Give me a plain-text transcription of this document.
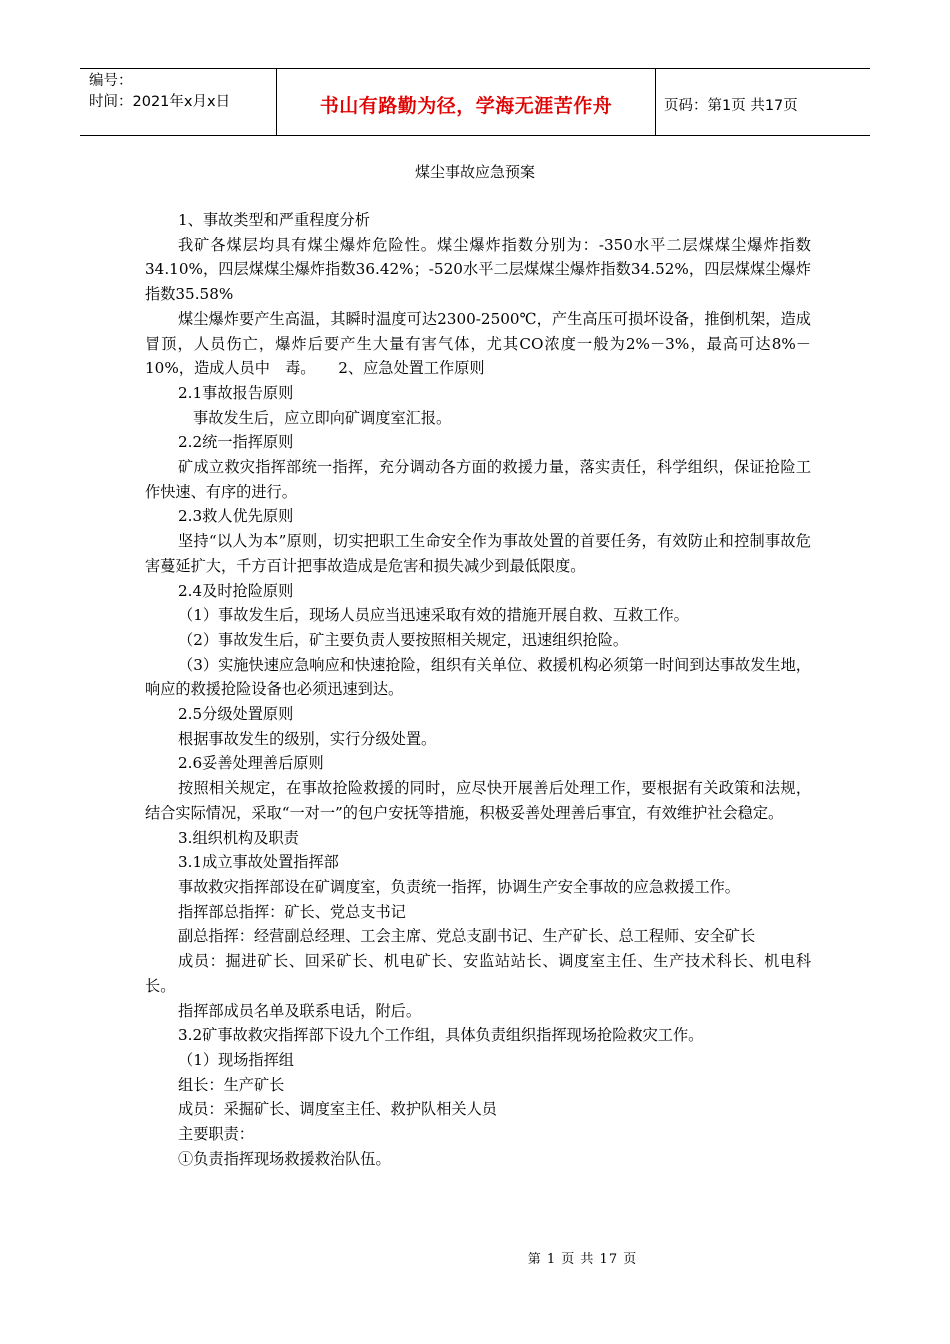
编号：
时间：2021年x月x日	书山有路勤为径，学海无涯苦作舟	页码：第1页 共17页
煤尘事故应急预案

1、事故类型和严重程度分析

我矿各煤层均具有煤尘爆炸危险性。煤尘爆炸指数分别为：-350水平二层煤煤尘爆炸指数　　34.10%，四层煤煤尘爆炸指数36.42%；-520水平二层煤煤尘爆炸指数34.52%，四层煤煤尘爆炸指数35.58%

煤尘爆炸要产生高温，其瞬时温度可达2300-2500℃，产生高压可损坏设备，推倒机架，造成冒顶，人员伤亡，爆炸后要产生大量有害气体，尤其CO浓度一般为2%－3%，最高可达8%－10%，造成人员中　毒。　　2、应急处置工作原则

2.1事故报告原则

事故发生后，应立即向矿调度室汇报。

2.2统一指挥原则

矿成立救灾指挥部统一指挥，充分调动各方面的救援力量，落实责任，科学组织，保证抢险工作快速、有序的进行。

2.3救人优先原则

坚持“以人为本”原则，切实把职工生命安全作为事故处置的首要任务，有效防止和控制事故危害蔓延扩大，千方百计把事故造成是危害和损失减少到最低限度。

2.4及时抢险原则

（1）事故发生后，现场人员应当迅速采取有效的措施开展自救、互救工作。

（2）事故发生后，矿主要负责人要按照相关规定，迅速组织抢险。

（3）实施快速应急响应和快速抢险，组织有关单位、救援机构必须第一时间到达事故发生地，响应的救援抢险设备也必须迅速到达。

2.5分级处置原则

根据事故发生的级别，实行分级处置。

2.6妥善处理善后原则

按照相关规定，在事故抢险救援的同时，应尽快开展善后处理工作，要根据有关政策和法规，结合实际情况，采取“一对一”的包户安抚等措施，积极妥善处理善后事宜，有效维护社会稳定。

3.组织机构及职责

3.1成立事故处置指挥部

事故救灾指挥部设在矿调度室，负责统一指挥，协调生产安全事故的应急救援工作。

指挥部总指挥：矿长、党总支书记

副总指挥：经营副总经理、工会主席、党总支副书记、生产矿长、总工程师、安全矿长

成员：掘进矿长、回采矿长、机电矿长、安监站站长、调度室主任、生产技术科长、机电科长。

指挥部成员名单及联系电话，附后。

3.2矿事故救灾指挥部下设九个工作组，具体负责组织指挥现场抢险救灾工作。

（1）现场指挥组

组长：生产矿长

成员：采掘矿长、调度室主任、救护队相关人员

主要职责：

①负责指挥现场救援救治队伍。

第 1 页 共 17 页
